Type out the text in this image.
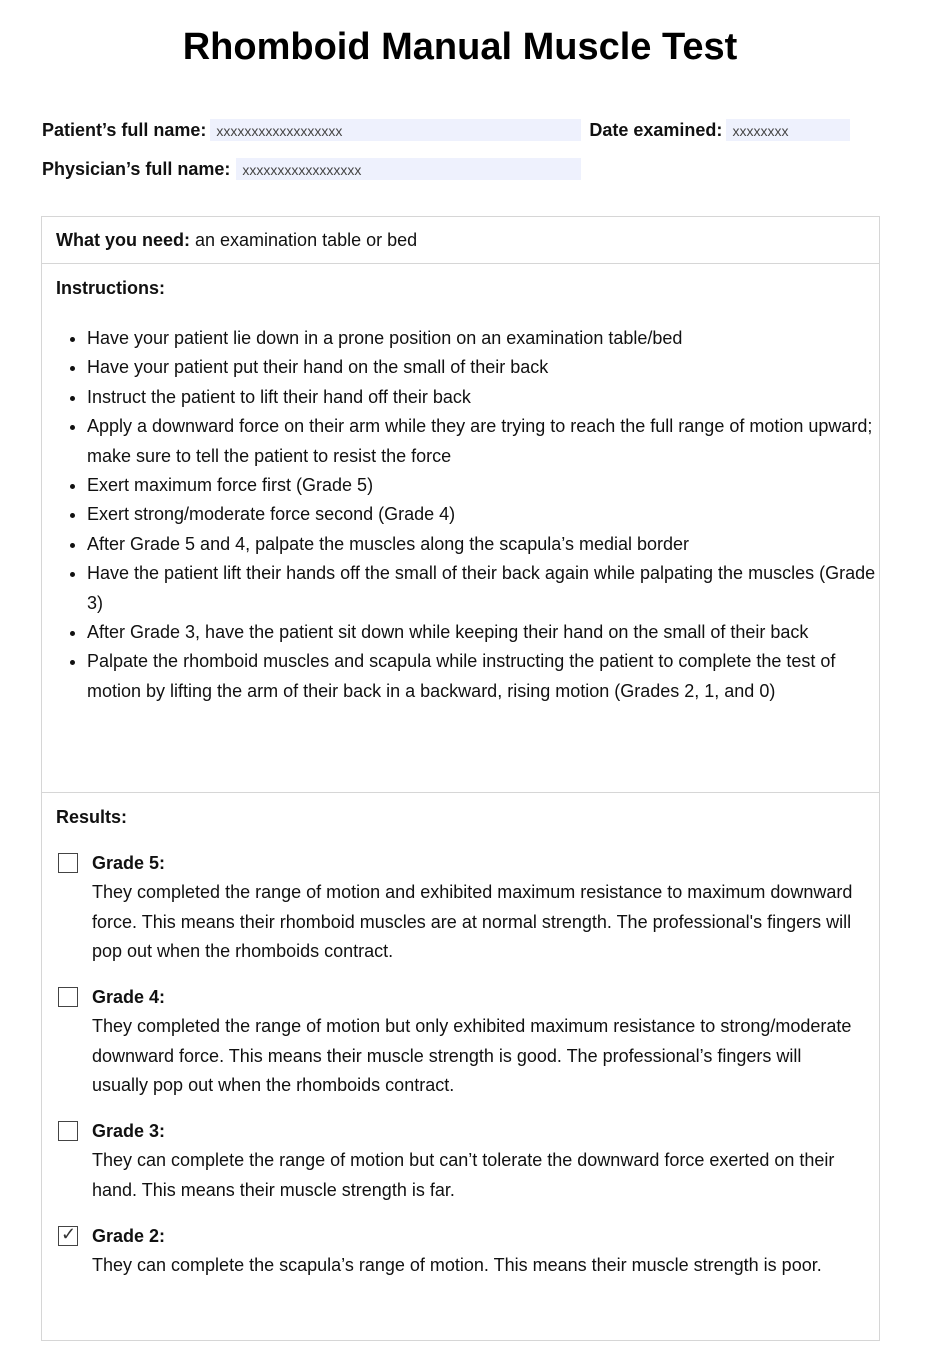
Rhomboid Manual Muscle Test
Patient’s full name: xxxxxxxxxxxxxxxxxx	Date examined: xxxxxxxx
Physician’s full name: xxxxxxxxxxxxxxxxx
What you need: an examination table or bed
Instructions:
• Have your patient lie down in a prone position on an examination table/bed
• Have your patient put their hand on the small of their back
• Instruct the patient to lift their hand off their back
• Apply a downward force on their arm while they are trying to reach the full range of motion upward; make sure to tell the patient to resist the force
• Exert maximum force first (Grade 5)
• Exert strong/moderate force second (Grade 4)
• After Grade 5 and 4, palpate the muscles along the scapula’s medial border
• Have the patient lift their hands off the small of their back again while palpating the muscles (Grade 3)
• After Grade 3, have the patient sit down while keeping their hand on the small of their back
• Palpate the rhomboid muscles and scapula while instructing the patient to complete the test of motion by lifting the arm of their back in a backward, rising motion (Grades 2, 1, and 0)
Results:
Grade 5:
They completed the range of motion and exhibited maximum resistance to maximum downward force. This means their rhomboid muscles are at normal strength. The professional's fingers will pop out when the rhomboids contract.
Grade 4:
They completed the range of motion but only exhibited maximum resistance to strong/moderate downward force. This means their muscle strength is good. The professional’s fingers will usually pop out when the rhomboids contract.
Grade 3:
They can complete the range of motion but can’t tolerate the downward force exerted on their hand. This means their muscle strength is far.
✓ Grade 2:
They can complete the scapula’s range of motion. This means their muscle strength is poor.
